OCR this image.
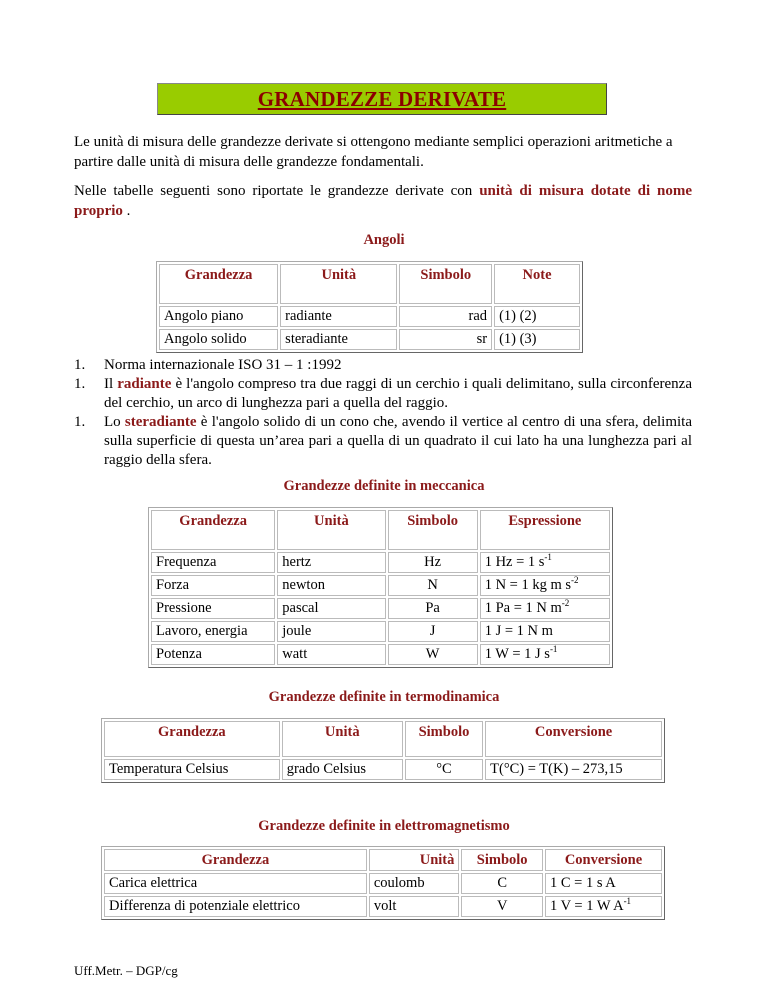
GRANDEZZE DERIVATE

Le unità di misura delle grandezze derivate si ottengono mediante semplici operazioni aritmetiche a partire dalle unità di misura delle grandezze fondamentali.

Nelle tabelle seguenti sono riportate le grandezze derivate con unità di misura dotate di nome proprio .

Angoli
Grandezza	Unità	Simbolo	Note
Angolo piano	radiante	rad	(1) (2)
Angolo solido	steradiante	sr	(1) (3)
1. Norma internazionale ISO 31 – 1 :1992
1. Il radiante è l'angolo compreso tra due raggi di un cerchio i quali delimitano, sulla circonferenza del cerchio, un arco di lunghezza pari a quella del raggio.
1. Lo steradiante è l'angolo solido di un cono che, avendo il vertice al centro di una sfera, delimita sulla superficie di questa un’area pari a quella di un quadrato il cui lato ha una lunghezza pari al raggio della sfera.
Grandezze definite in meccanica
Grandezza	Unità	Simbolo	Espressione
Frequenza	hertz	Hz	1 Hz = 1 $s^{-1}$
Forza	newton	N	1 N = 1 kg m $s^{-2}$
Pressione	pascal	Pa	1 Pa = 1 N $m^{-2}$
Lavoro, energia	joule	J	1 J = 1 N m
Potenza	watt	W	1 W = 1 J $s^{-1}$
Grandezze definite in termodinamica
Grandezza	Unità	Simbolo	Conversione
Temperatura Celsius	grado Celsius	°C	T(°C) = T(K) – 273,15
Grandezze definite in elettromagnetismo
Grandezza	Unità	Simbolo	Conversione
Carica elettrica	coulomb	C	1 C = 1 s A
Differenza di potenziale elettrico	volt	V	1 V = 1 W $A^{-1}$
Uff.Metr. – DGP/cg
